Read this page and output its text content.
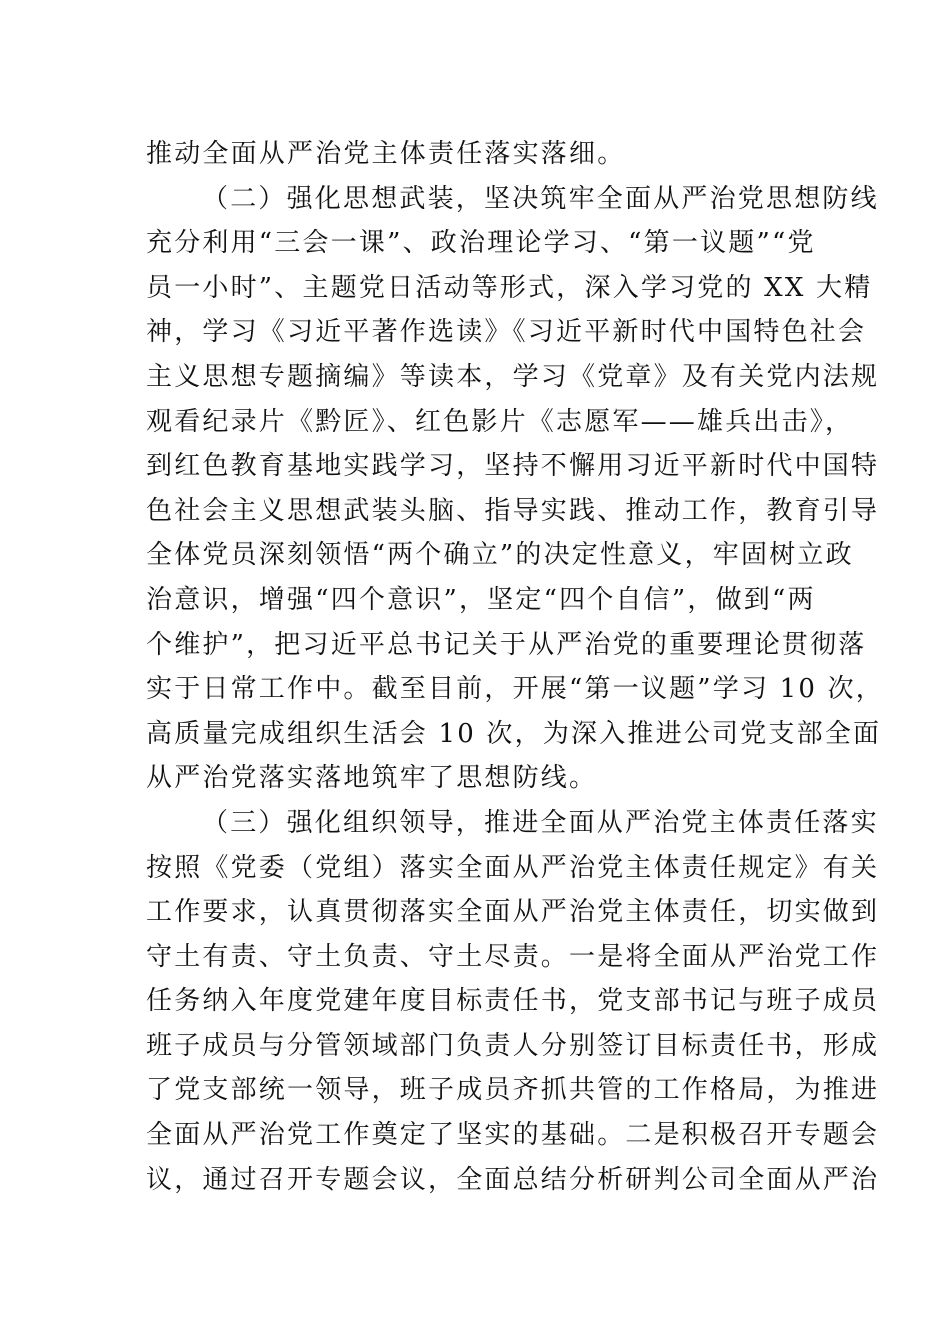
推动全面从严治党主体责任落实落细。
（二）强化思想武装，坚决筑牢全面从严治党思想防线
充分利用“三会一课”、政治理论学习、“第一议题”“党
员一小时”、主题党日活动等形式，深入学习党的 XX 大精
神，学习《习近平著作选读》《习近平新时代中国特色社会
主义思想专题摘编》等读本，学习《党章》及有关党内法规
观看纪录片《黔匠》、红色影片《志愿军——雄兵出击》，
到红色教育基地实践学习，坚持不懈用习近平新时代中国特
色社会主义思想武装头脑、指导实践、推动工作，教育引导
全体党员深刻领悟“两个确立”的决定性意义，牢固树立政
治意识，增强“四个意识”，坚定“四个自信”，做到“两
个维护”，把习近平总书记关于从严治党的重要理论贯彻落
实于日常工作中。截至目前，开展“第一议题”学习 10 次，
高质量完成组织生活会 10 次，为深入推进公司党支部全面
从严治党落实落地筑牢了思想防线。
（三）强化组织领导，推进全面从严治党主体责任落实
按照《党委（党组）落实全面从严治党主体责任规定》有关
工作要求，认真贯彻落实全面从严治党主体责任，切实做到
守土有责、守土负责、守土尽责。一是将全面从严治党工作
任务纳入年度党建年度目标责任书，党支部书记与班子成员
班子成员与分管领域部门负责人分别签订目标责任书，形成
了党支部统一领导，班子成员齐抓共管的工作格局，为推进
全面从严治党工作奠定了坚实的基础。二是积极召开专题会
议，通过召开专题会议，全面总结分析研判公司全面从严治
